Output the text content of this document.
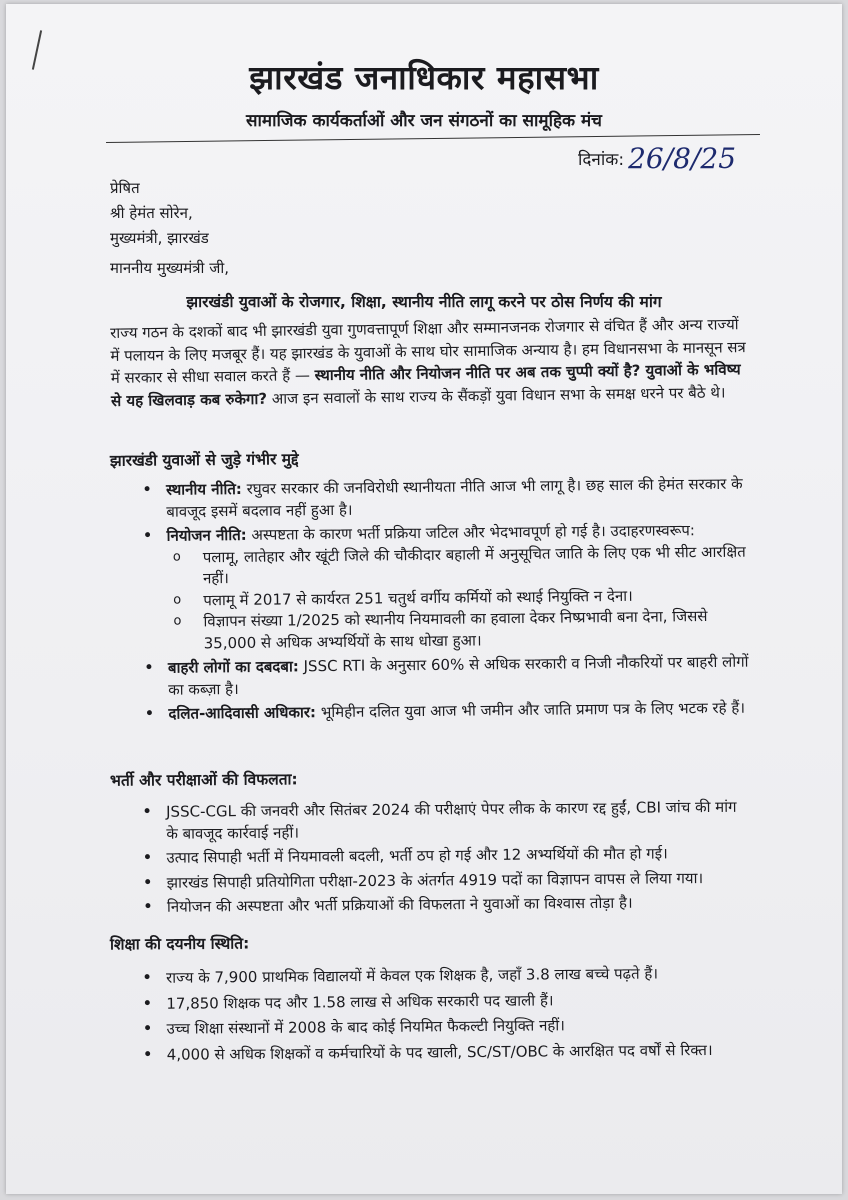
झारखंड जनाधिकार महासभा
सामाजिक कार्यकर्ताओं और जन संगठनों का सामूहिक मंच
दिनांक: 26/8/25
प्रेषित
श्री हेमंत सोरेन,
मुख्यमंत्री, झारखंड
माननीय मुख्यमंत्री जी,
झारखंडी युवाओं के रोजगार, शिक्षा, स्थानीय नीति लागू करने पर ठोस निर्णय की मांग
राज्य गठन के दशकों बाद भी झारखंडी युवा गुणवत्तापूर्ण शिक्षा और सम्मानजनक रोजगार से वंचित हैं और अन्य राज्यों में पलायन के लिए मजबूर हैं। यह झारखंड के युवाओं के साथ घोर सामाजिक अन्याय है। हम विधानसभा के मानसून सत्र में सरकार से सीधा सवाल करते हैं — स्थानीय नीति और नियोजन नीति पर अब तक चुप्पी क्यों है? युवाओं के भविष्य से यह खिलवाड़ कब रुकेगा? आज इन सवालों के साथ राज्य के सैंकड़ों युवा विधान सभा के समक्ष धरने पर बैठे थे।
झारखंडी युवाओं से जुड़े गंभीर मुद्दे
• स्थानीय नीति: रघुवर सरकार की जनविरोधी स्थानीयता नीति आज भी लागू है। छह साल की हेमंत सरकार के बावजूद इसमें बदलाव नहीं हुआ है।
• नियोजन नीति: अस्पष्टता के कारण भर्ती प्रक्रिया जटिल और भेदभावपूर्ण हो गई है। उदाहरणस्वरूप:
o पलामू, लातेहार और खूंटी जिले की चौकीदार बहाली में अनुसूचित जाति के लिए एक भी सीट आरक्षित नहीं।
o पलामू में 2017 से कार्यरत 251 चतुर्थ वर्गीय कर्मियों को स्थाई नियुक्ति न देना।
o विज्ञापन संख्या 1/2025 को स्थानीय नियमावली का हवाला देकर निष्प्रभावी बना देना, जिससे 35,000 से अधिक अभ्यर्थियों के साथ धोखा हुआ।
• बाहरी लोगों का दबदबा: JSSC RTI के अनुसार 60% से अधिक सरकारी व निजी नौकरियों पर बाहरी लोगों का कब्ज़ा है।
• दलित-आदिवासी अधिकार: भूमिहीन दलित युवा आज भी जमीन और जाति प्रमाण पत्र के लिए भटक रहे हैं।
भर्ती और परीक्षाओं की विफलता:
• JSSC-CGL की जनवरी और सितंबर 2024 की परीक्षाएं पेपर लीक के कारण रद्द हुईं, CBI जांच की मांग के बावजूद कार्रवाई नहीं।
• उत्पाद सिपाही भर्ती में नियमावली बदली, भर्ती ठप हो गई और 12 अभ्यर्थियों की मौत हो गई।
• झारखंड सिपाही प्रतियोगिता परीक्षा-2023 के अंतर्गत 4919 पदों का विज्ञापन वापस ले लिया गया।
• नियोजन की अस्पष्टता और भर्ती प्रक्रियाओं की विफलता ने युवाओं का विश्वास तोड़ा है।
शिक्षा की दयनीय स्थिति:
• राज्य के 7,900 प्राथमिक विद्यालयों में केवल एक शिक्षक है, जहाँ 3.8 लाख बच्चे पढ़ते हैं।
• 17,850 शिक्षक पद और 1.58 लाख से अधिक सरकारी पद खाली हैं।
• उच्च शिक्षा संस्थानों में 2008 के बाद कोई नियमित फैकल्टी नियुक्ति नहीं।
• 4,000 से अधिक शिक्षकों व कर्मचारियों के पद खाली, SC/ST/OBC के आरक्षित पद वर्षों से रिक्त।
